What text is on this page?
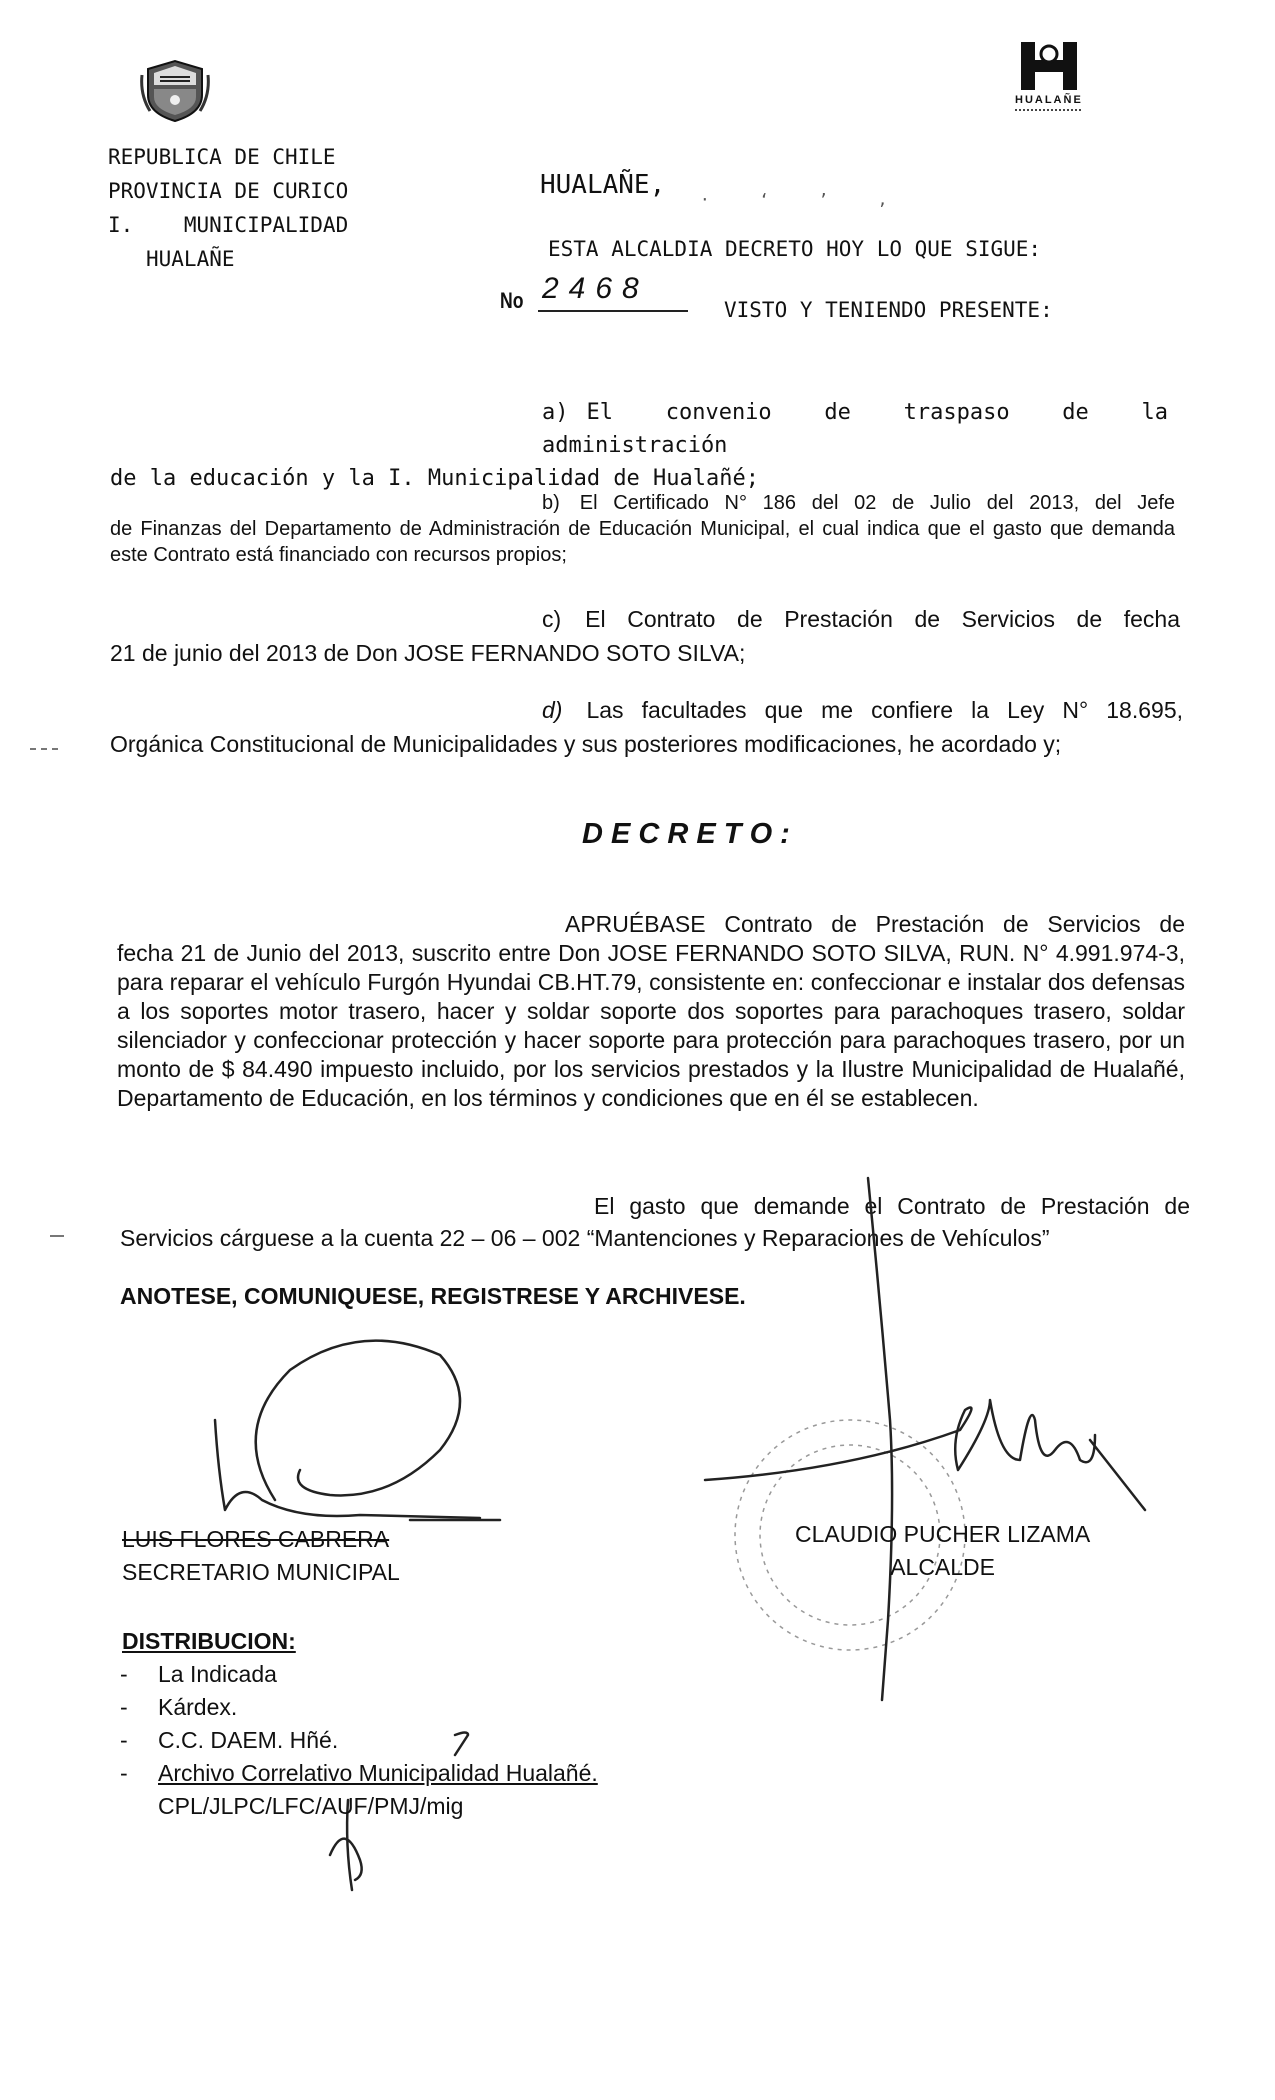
HUALAÑE
REPUBLICA DE CHILE
PROVINCIA DE CURICO
I.    MUNICIPALIDAD
HUALAÑE
HUALAÑE, · ‘ ’ ‚
ESTA ALCALDIA DECRETO HOY LO QUE SIGUE:
No 2468
VISTO Y TENIENDO PRESENTE:

a) El convenio de traspaso de la administración

de la educación y la I. Municipalidad de Hualañé;

b) El Certificado N° 186 del 02 de Julio del 2013, del Jefe

de Finanzas del Departamento de Administración de Educación Municipal, el cual indica que el gasto que demanda este Contrato está financiado con recursos propios;

c) El Contrato de Prestación de Servicios de fecha

21 de junio del 2013 de Don JOSE FERNANDO SOTO SILVA;

d) Las facultades que me confiere la Ley N° 18.695,

Orgánica Constitucional de Municipalidades y sus posteriores modificaciones, he acordado y;

D E C R E T O :

APRUÉBASE Contrato de Prestación de Servicios de

fecha 21 de Junio del 2013, suscrito entre Don JOSE FERNANDO SOTO SILVA, RUN. N° 4.991.974-3, para reparar el vehículo Furgón Hyundai CB.HT.79, consistente en: confeccionar e instalar dos defensas a los soportes motor trasero, hacer y soldar soporte dos soportes para parachoques trasero, soldar silenciador y confeccionar protección y hacer soporte para protección para parachoques trasero, por un monto de $ 84.490 impuesto incluido, por los servicios prestados y la Ilustre Municipalidad de Hualañé, Departamento de Educación, en los términos y condiciones que en él se establecen.

El gasto que demande el Contrato de Prestación de

Servicios cárguese a la cuenta 22 – 06 – 002 “Mantenciones y Reparaciones de Vehículos”

ANOTESE, COMUNIQUESE, REGISTRESE Y ARCHIVESE.
LUIS FLORES CABRERA
SECRETARIO MUNICIPAL
CLAUDIO PUCHER LIZAMA
ALCALDE
DISTRIBUCION:
- La Indicada
- Kárdex.
- C.C. DAEM. Hñé.
- Archivo Correlativo Municipalidad Hualañé.
CPL/JLPC/LFC/AUF/PMJ/mig
